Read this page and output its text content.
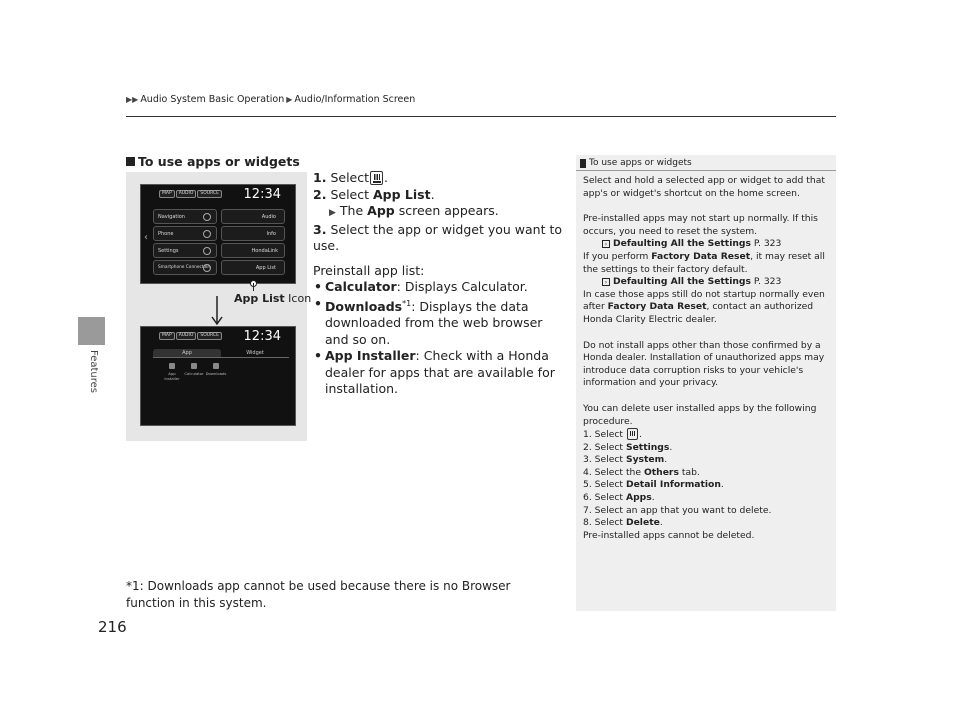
▶▶ Audio System Basic Operation ▶ Audio/Information Screen
Features
216
To use apps or widgets
MAP	AUDIO	SOURCE 12:34
‹
Navigation
Phone
Settings
Smartphone Connection
Audio
Info
HondaLink
App List
App List Icon
MAP	AUDIO	SOURCE 12:34
App	Widget
App Installer
Calculator Downloads

1. Select .

2. Select App List.

▶ The App screen appears.

3. Select the app or widget you want to use.

Preinstall app list:

• Calculator: Displays Calculator.

• Downloads$^{*1}$: Displays the data downloaded from the web browser and so on.

• App Installer: Check with a Honda dealer for apps that are available for installation.

*1: Downloads app cannot be used because there is no Browser function in this system.
To use apps or widgets

Select and hold a selected app or widget to add that app's or widget's shortcut on the home screen.

Pre-installed apps may not start up normally. If this occurs, you need to reset the system.

› Defaulting All the Settings P. 323

If you perform Factory Data Reset, it may reset all the settings to their factory default.

› Defaulting All the Settings P. 323

In case those apps still do not startup normally even after Factory Data Reset, contact an authorized Honda Clarity Electric dealer.

Do not install apps other than those confirmed by a Honda dealer. Installation of unauthorized apps may introduce data corruption risks to your vehicle's information and your privacy.

You can delete user installed apps by the following procedure.

1. Select .

2. Select Settings.

3. Select System.

4. Select the Others tab.

5. Select Detail Information.

6. Select Apps.

7. Select an app that you want to delete.

8. Select Delete.

Pre-installed apps cannot be deleted.
